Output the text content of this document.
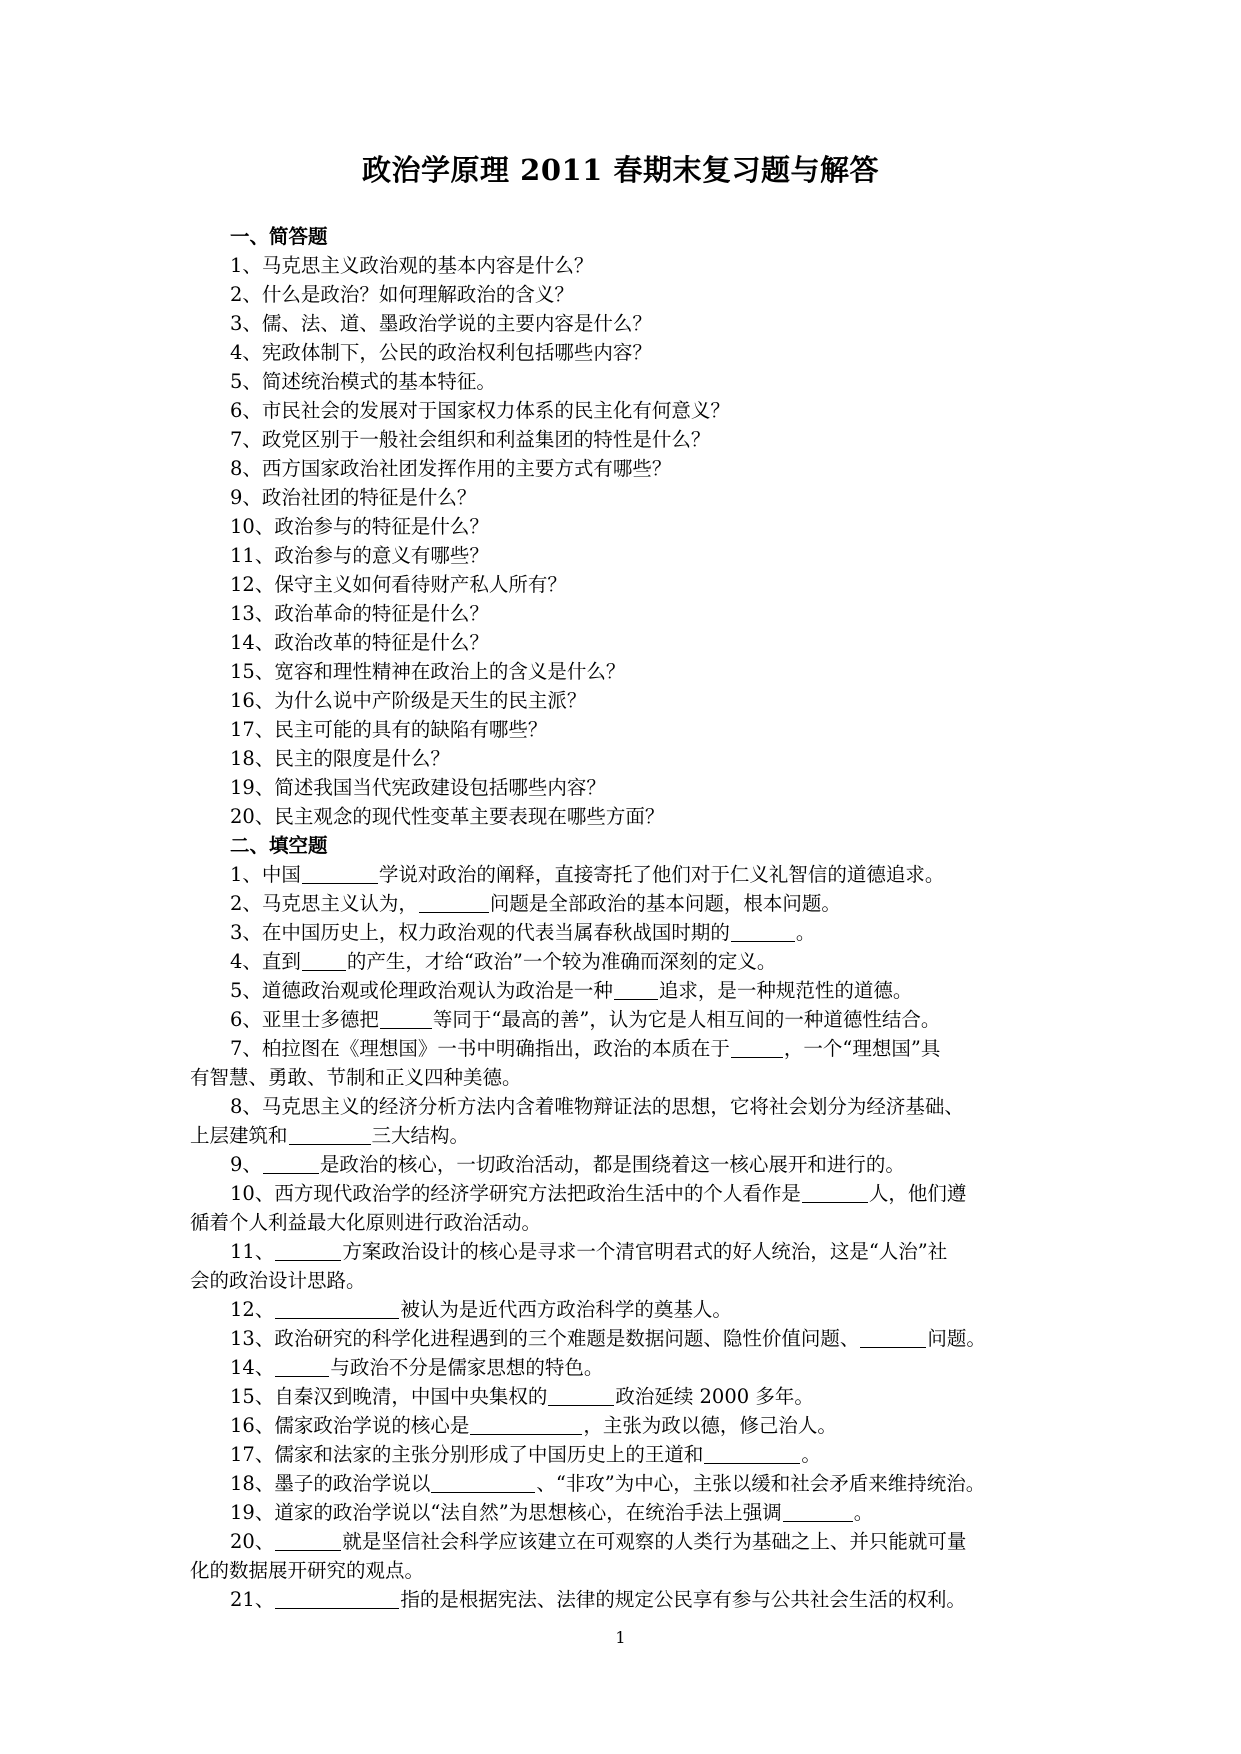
政治学原理 2011 春期末复习题与解答
一、简答题
1、马克思主义政治观的基本内容是什么？
2、什么是政治？如何理解政治的含义？
3、儒、法、道、墨政治学说的主要内容是什么？
4、宪政体制下，公民的政治权利包括哪些内容？
5、简述统治模式的基本特征。
6、市民社会的发展对于国家权力体系的民主化有何意义？
7、政党区别于一般社会组织和利益集团的特性是什么？
8、西方国家政治社团发挥作用的主要方式有哪些？
9、政治社团的特征是什么？
10、政治参与的特征是什么？
11、政治参与的意义有哪些？
12、保守主义如何看待财产私人所有？
13、政治革命的特征是什么？
14、政治改革的特征是什么？
15、宽容和理性精神在政治上的含义是什么？
16、为什么说中产阶级是天生的民主派？
17、民主可能的具有的缺陷有哪些？
18、民主的限度是什么？
19、简述我国当代宪政建设包括哪些内容？
20、民主观念的现代性变革主要表现在哪些方面？
二、填空题
1、中国	学说对政治的阐释，直接寄托了他们对于仁义礼智信的道德追求。
2、马克思主义认为，	问题是全部政治的基本问题，根本问题。
3、在中国历史上，权力政治观的代表当属春秋战国时期的	。
4、直到 的产生，才给“政治”一个较为准确而深刻的定义。
5、道德政治观或伦理政治观认为政治是一种 追求，是一种规范性的道德。
6、亚里士多德把	等同于“最高的善”，认为它是人相互间的一种道德性结合。
7、柏拉图在《理想国》一书中明确指出，政治的本质在于	，一个“理想国”具
有智慧、勇敢、节制和正义四种美德。
8、马克思主义的经济分析方法内含着唯物辩证法的思想，它将社会划分为经济基础、
上层建筑和	三大结构。
9、	是政治的核心，一切政治活动，都是围绕着这一核心展开和进行的。
10、西方现代政治学的经济学研究方法把政治生活中的个人看作是	人，他们遵
循着个人利益最大化原则进行政治活动。
11、	方案政治设计的核心是寻求一个清官明君式的好人统治，这是“人治”社
会的政治设计思路。
12、	被认为是近代西方政治科学的奠基人。
13、政治研究的科学化进程遇到的三个难题是数据问题、隐性价值问题、	问题。
14、	与政治不分是儒家思想的特色。
15、自秦汉到晚清，中国中央集权的	政治延续 2000 多年。
16、儒家政治学说的核心是	，主张为政以德，修己治人。
17、儒家和法家的主张分别形成了中国历史上的王道和	。
18、墨子的政治学说以	、“非攻”为中心，主张以缓和社会矛盾来维持统治。
19、道家的政治学说以“法自然”为思想核心，在统治手法上强调	。
20、	就是坚信社会科学应该建立在可观察的人类行为基础之上、并只能就可量
化的数据展开研究的观点。
21、	指的是根据宪法、法律的规定公民享有参与公共社会生活的权利。
1
